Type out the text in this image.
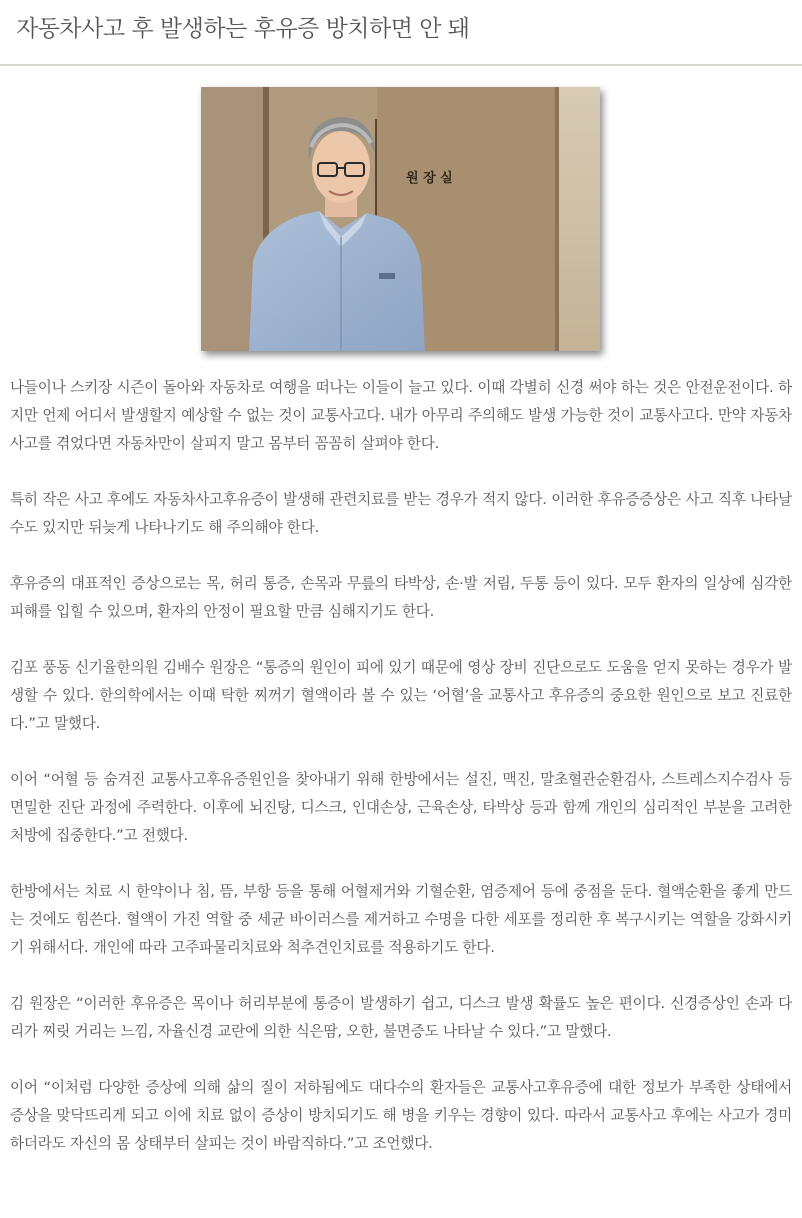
자동차사고 후 발생하는 후유증 방치하면 안 돼
원 장 실

나들이나 스키장 시즌이 돌아와 자동차로 여행을 떠나는 이들이 늘고 있다. 이때 각별히 신경 써야 하는 것은 안전운전이다. 하지만 언제 어디서 발생할지 예상할 수 없는 것이 교통사고다. 내가 아무리 주의해도 발생 가능한 것이 교통사고다. 만약 자동차사고를 겪었다면 자동차만이 살피지 말고 몸부터 꼼꼼히 살펴야 한다.

특히 작은 사고 후에도 자동차사고후유증이 발생해 관련치료를 받는 경우가 적지 않다. 이러한 후유증증상은 사고 직후 나타날 수도 있지만 뒤늦게 나타나기도 해 주의해야 한다.

후유증의 대표적인 증상으로는 목, 허리 통증, 손목과 무릎의 타박상, 손·발 저림, 두통 등이 있다. 모두 환자의 일상에 심각한 피해를 입힐 수 있으며, 환자의 안정이 필요할 만큼 심해지기도 한다.

김포 풍동 신기율한의원 김배수 원장은 “통증의 원인이 피에 있기 때문에 영상 장비 진단으로도 도움을 얻지 못하는 경우가 발생할 수 있다. 한의학에서는 이때 탁한 찌꺼기 혈액이라 볼 수 있는 ‘어혈’을 교통사고 후유증의 중요한 원인으로 보고 진료한다.”고 말했다.

이어 “어혈 등 숨겨진 교통사고후유증원인을 찾아내기 위해 한방에서는 설진, 맥진, 말초혈관순환검사, 스트레스지수검사 등 면밀한 진단 과정에 주력한다. 이후에 뇌진탕, 디스크, 인대손상, 근육손상, 타박상 등과 함께 개인의 심리적인 부분을 고려한 처방에 집중한다.”고 전했다.

한방에서는 치료 시 한약이나 침, 뜸, 부항 등을 통해 어혈제거와 기혈순환, 염증제어 등에 중점을 둔다. 혈액순환을 좋게 만드는 것에도 힘쓴다. 혈액이 가진 역할 중 세균 바이러스를 제거하고 수명을 다한 세포를 정리한 후 복구시키는 역할을 강화시키기 위해서다. 개인에 따라 고주파물리치료와 척추견인치료를 적용하기도 한다.

김 원장은 “이러한 후유증은 목이나 허리부분에 통증이 발생하기 쉽고, 디스크 발생 확률도 높은 편이다. 신경증상인 손과 다리가 찌릿 거리는 느낌, 자율신경 교란에 의한 식은땀, 오한, 불면증도 나타날 수 있다.”고 말했다.

이어 “이처럼 다양한 증상에 의해 삶의 질이 저하됨에도 대다수의 환자들은 교통사고후유증에 대한 정보가 부족한 상태에서 증상을 맞닥뜨리게 되고 이에 치료 없이 증상이 방치되기도 해 병을 키우는 경향이 있다. 따라서 교통사고 후에는 사고가 경미하더라도 자신의 몸 상태부터 살피는 것이 바람직하다.”고 조언했다.
